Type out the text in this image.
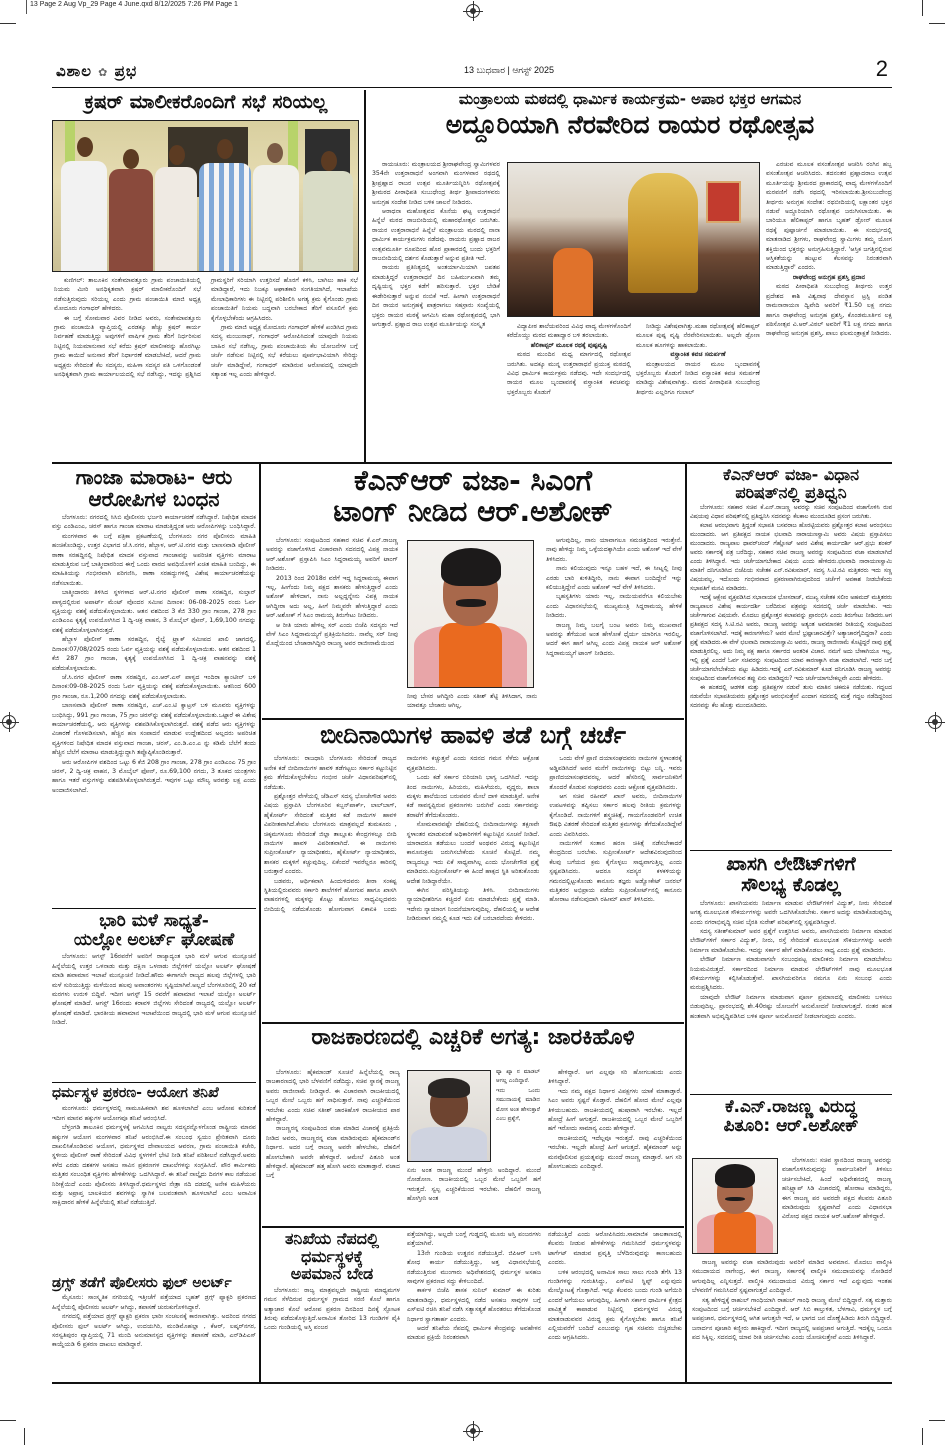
13 Page 2 Aug Vp_29 Page 4 June.qxd 8/12/2025 7:26 PM Page 1
ವಿಶಾಲ ✿ ಪ್ರಭ	13 ಬುಧವಾರ | ಆಗಸ್ಟ್ 2025	2
ಕ್ರಷರ್ ಮಾಲೀಕರೊಂದಿಗೆ ಸಭೆ ಸರಿಯಲ್ಲ

ಕುಣಿಗಲ್: ತಾಲೂಕಿನ ಸಂತೇಮಾವತ್ತೂರು ಗ್ರಾಮ ಪಂಚಾಯಿತಿಯಲ್ಲಿ ನಿಯಮ ಮೀರಿ ಅನಧಿಕೃತವಾಗಿ ಕ್ರಷರ್ ಮಾಲೀಕರೊಂದಿಗೆ ಸಭೆ ನಡೆಸುತ್ತಿರುವುದು ಸರಿಯಲ್ಲ ಎಂದು ಗ್ರಾಮ ಪಂಚಾಯಿತಿ ಮಾಜಿ ಅಧ್ಯಕ್ಷ ಮೋದೂರು ಗಂಗಾಧರ್ ಹೇಳಿದರು.

ಈ ಬಗ್ಗೆ ಸೋಮವಾರ ವಿವರ ನೀಡಿದ ಅವರು, ಸಂತೇಮಾವತ್ತೂರು ಗ್ರಾಮ ಪಂಚಾಯಿತಿ ವ್ಯಾಪ್ತಿಯಲ್ಲಿ ಎರಡಕ್ಕೂ ಹೆಚ್ಚು ಕ್ರಷರ್ ಕಾರ್ಯ ನಿರ್ವಹಣೆ ಮಾಡುತ್ತಿದ್ದು ಅವುಗಳಿಗೆ ವಾರ್ಷಿಕ ಗ್ರಾಮ ತೆರಿಗೆ ನಿರ್ಧರಿಸುವ ನಿಟ್ಟಿನಲ್ಲಿ ನಿಯಮಾನುಸಾರ ಸಭೆ ಕರೆದು ಕ್ರಷರ್ ಮಾಲೀಕರನ್ನು ಹೊರಗಿಟ್ಟು ಗ್ರಾಮ ಕಾಯಿದೆ ಅನುಸಾರ ತೆರಿಗೆ ನಿರ್ಧಾರಣೆ ಮಾಡಬೇಕಿದೆ, ಆದರೆ ಗ್ರಾಮ ಅಧ್ಯಕ್ಷರು ಸೇರಿದಂತೆ ಕೆಲ ಸದಸ್ಯರು, ಮಹಿಳಾ ಸದಸ್ಯರ ಪತಿ ಒಳಗೊಂಡಂತೆ ಅನಧಿಕೃತವಾಗಿ ಗ್ರಾಮ ಕಾರ್ಯಾಲಯದಲ್ಲಿ ಸಭೆ ನಡೆಸಿದ್ದು, ಇದನ್ನು ಪ್ರಶ್ನಿಸಿದ ಗ್ರಾಮಸ್ಥರಿಗೆ ಸರಿಯಾಗಿ ಉತ್ತರಿಸದೆ ಹೊರಗೆ ಕಳಿಸಿ, ಬಾಗಿಲು ಹಾಕಿ ಸಭೆ ಮಾಡಿದ್ದಾರೆ, ಇದು ನಿಜಕ್ಕೂ ಆಘಾತಕಾರಿ ಸಂಗತಿಯಾಗಿದೆ, ಇಲಾಖೆಯ ಮೇಲಾಧಿಕಾರಿಗಳು ಈ ನಿಟ್ಟಿನಲ್ಲಿ ಪರಿಶೀಲಿಸಿ ಅಗತ್ಯ ಕ್ರಮ ಕೈಗೊಂಡು ಗ್ರಾಮ ಪಂಚಾಯಿತಿಗೆ ನಿಯಮ ಬದ್ಧವಾಗಿ ಬರಬೇಕಾದ ತೆರಿಗೆ ವಸೂಲಿಗೆ ಕ್ರಮ ಕೈಗೊಳ್ಳಬೇಕೆಂದು ಆಗ್ರಹಿಸಿದರು.

ಗ್ರಾಮ ಮಾಜಿ ಅಧ್ಯಕ್ಷ ಮೋದೂರು ಗಂಗಾಧರ್ ಹೇಳಿಕೆ ಖಂಡಿಸಿದ ಗ್ರಾಮ ಸದಸ್ಯ ಮಂಜುನಾಥ್, ಗಂಗಾಧರ್ ಆರೋಪಿಸಿದಂತೆ ಯಾವುದೇ ನಿಯಮ ಬಾಹಿರ ಸಭೆ ನಡೆಸಿಲ್ಲ, ಗ್ರಾಮ ಪಂಚಾಯಿತಿಯ ಕೆಲ ಯೋಜನೆಗಳ ಬಗ್ಗೆ ಚರ್ಚೆ ನಡೆಸುವ ನಿಟ್ಟಿನಲ್ಲಿ ಸಭೆ ಕರೆಯಲು ಪೂರ್ವಭಾವಿಯಾಗಿ ಸೇರಿದ್ದು ಚರ್ಚೆ ಮಾಡಿದ್ದೇವೆ, ಗಂಗಾಧರ್ ಮಾಡಿರುವ ಆರೋಪದಲ್ಲಿ ಯಾವುದೇ ಸತ್ಯಾಂಶ ಇಲ್ಲ ಎಂದು ಹೇಳಿದ್ದಾರೆ.

ಮಂತ್ರಾಲಯ ಮಠದಲ್ಲಿ ಧಾರ್ಮಿಕ ಕಾರ್ಯಕ್ರಮ- ಅಪಾರ ಭಕ್ತರ ಆಗಮನ
ಅದ್ದೂರಿಯಾಗಿ ನೆರವೇರಿದ ರಾಯರ ರಥೋತ್ಸವ

ರಾಯಚೂರು: ಮಂತ್ರಾಲಯದ ಶ್ರೀರಾಘವೇಂದ್ರ ಸ್ವಾಮಿಗಳವರ 354ನೇ ಉತ್ತರಾರಾಧನೆ ಅಂಗವಾಗಿ ಮಂಗಳವಾರ ರಥದಲ್ಲಿ ಶ್ರೀಪ್ರಹ್ಲಾದ ರಾಜರ ಉತ್ಸವ ಮೂರ್ತಿಯನ್ನಿರಿಸಿ ರಥೋತ್ಸವಕ್ಕೆ ಶ್ರೀಮಠದ ಪೀಠಾಧಿಪತಿ ಸುಬುಧೇಂದ್ರ ತೀರ್ಥ ಶ್ರೀಪಾದಂಗಳವರು ಅನುಗ್ರಹ ಸಂದೇಶ ನೀಡಿದ ಬಳಿಕ ಚಾಲನೆ ನೀಡಿದರು.

ಆರಾಧನಾ ಮಹೋತ್ಸವದ ಕೊನೆಯ ಘಟ್ಟ ಉತ್ತರಾಧನೆ ಹಿನ್ನೆಲೆ ಮಠದ ರಾಜಬೀದಿಯಲ್ಲಿ ಮಹಾರಥೋತ್ಸವ ಜರುಗಿತು. ರಾಯರ ಉತ್ತರಾರಾಧನೆ ಹಿನ್ನೆಲೆ ಮಂತ್ರಾಲಯ ಮಠದಲ್ಲಿ ನಾನಾ ಧಾರ್ಮಿಕ ಕಾರ್ಯಕ್ರಮಗಳು ನಡೆದವು. ರಾಯರು ಪ್ರಹ್ಲಾದ ರಾಜರ ಉತ್ಸವಮೂರ್ತಿ ರೂಪದಿಂದ ಹೊರ ಪ್ರಾಕಾರದಲ್ಲಿ ಬಂದು ಭಕ್ತರಿಗೆ ರಾಜಬೀದಿಯಲ್ಲಿ ದರ್ಶನ ಕೊಡುತ್ತಾರೆ ಅನ್ನುವ ಪ್ರತೀತಿ ಇದೆ.

ರಾಯರು ಪ್ರತಿನಿತ್ಯದಲ್ಲಿ ಅಂತರ್ಯಾಮಿಯಾಗಿ ಜಪತಪ ಮಾಡುತ್ತಿದ್ದರೆ ಉತ್ತರಾರಾಧನೆ ದಿನ ಬಹಿರ್ಮುಖವಾಗಿ ತಮ್ಮ ದೃಷ್ಟಿಯನ್ನ ಭಕ್ತರ ಕಡೆಗೆ ಹರಿಸುತ್ತಾರೆ. ಭಕ್ತರ ಬೇಡಿಕೆ ಈಡೇರಿಸುತ್ತಾರೆ ಅನ್ನುವ ನಂಬಿಕೆ ಇದೆ. ಹೀಗಾಗಿ ಉತ್ತರಾರಾಧನೆ ದಿನ ರಾಯರ ಅನುಗ್ರಹಕ್ಕೆ ಪಾತ್ರರಾಗಲು ಸಹಸ್ರಾರು ಸಂಖ್ಯೆಯಲ್ಲಿ ಭಕ್ತರು ರಾಯರ ಮಠಕ್ಕೆ ಆಗಮಿಸಿ ಮಹಾ ರಥೋತ್ಸವದಲ್ಲಿ ಭಾಗಿ ಆಗುತ್ತಾರೆ. ಪ್ರಹ್ಲಾದ ರಾಜ ಉತ್ಸವ ಮೂರ್ತಿಯನ್ನು ಸಂಸ್ಕೃತ	ವಿದ್ಯಾಪೀಠ ಶಾಲೆಯವರಿಂದ ವಿವಿಧ ವಾದ್ಯ ಮೇಳಗಳೊಂದಿಗೆ ಕರೆದೊಯ್ದು ಮಠದ ಮಹಾದ್ವಾರ ಬಳಿ ತರಲಾಯಿತು.

ಹೆಲಿಕಾಪ್ಟರ್ ಮೂಲಕ ರಥಕ್ಕೆ ಪುಷ್ಪವೃಷ್ಟಿ

ಮಠದ ಮುಂದಿನ ಮಧ್ವ ಮಾರ್ಗದಲ್ಲಿ ರಥೋತ್ಸವ ಜರುಗಿತು. ಅದಕ್ಕೂ ಮುನ್ನ ಉತ್ತರಾರಾಧನೆ ಪ್ರಯುಕ್ತ ಮಠದಲ್ಲಿ ವಿವಿಧ ಧಾರ್ಮಿಕ ಕಾರ್ಯಕ್ರಮ ನಡೆದವು. ಇದೇ ಸಂದರ್ಭದಲ್ಲಿ ರಾಯರ ಮೂಲ ಬೃಂದಾವನಕ್ಕೆ ವಸ್ತ್ರಾಂಕಿತ ಕವಚವನ್ನು ಭಕ್ತರೊಬ್ಬರು ಕೊಡುಗೆ

ನೀಡಿದ್ದು ವಿಶೇಷವಾಗಿತ್ತು.ಮಹಾ ರಥೋತ್ಸವಕ್ಕೆ ಹೆಲಿಕಾಪ್ಟರ್ ಮೂಲಕ ಪುಷ್ಪ ವೃಷ್ಟಿ ನೆರವೇರಿಸಲಾಯಿತು. ಅಲ್ಲದೇ ಡ್ರೋಣ ಮೂಲಕ ಹೂಗಳನ್ನು ಹಾಕಲಾಯಿತು.

ವಸ್ತ್ರಾಂಕಿತ ಕವಚ ಸಮರ್ಪಣೆ

ಮಂತ್ರಾಲಯದ ರಾಯರ ಮೂಲ ಬೃಂದಾವನಕ್ಕೆ ಭಕ್ತರೊಬ್ಬರು ಕೊಡುಗೆ ನೀಡಿದ ವಸ್ತ್ರಾಂಕಿತ ಕವಚ ಸಮರ್ಪಣೆ ಮಾಡಿದ್ದು ವಿಶೇಷವಾಗಿತ್ತು. ಮಠದ ಪೀಠಾಧಿಪತಿ ಸುಬುಧೇಂದ್ರ ತೀರ್ಥರು ಎಲ್ಲರಿಗೂ ಗುಲಾಲ್

ಎರಚುವ ಮೂಲಕ ವಸಂತೋತ್ಸವ ಆಚರಿಸಿ ರಂಗಿನ ಹಬ್ಬ ವಸಂತೋತ್ಸವ ಆಚರಿಸಿದರು. ತದನಂತರ ಪ್ರಹ್ಲಾದರಾಜ ಉತ್ಸವ ಮೂರ್ತಿಯನ್ನು ಶ್ರೀಮಠದ ಪ್ರಾಕಾರದಲ್ಲಿ ವಾದ್ಯ ಮೇಳಗಳೊಂದಿಗೆ ಮರವಣಿಗೆ ನಡೆಸಿ ರಥದಲ್ಲಿ ಇರಿಸಲಾಯಿತು.ಶ್ರೀಸುಬುದೇಂದ್ರ ತೀರ್ಥರು ಅನುಗ್ರಹ ಸಂದೇಶ: ರಥಬೀದಿಯಲ್ಲಿ ಲಕ್ಷಾಂತರ ಭಕ್ತರ ನಡುವೆ ಅದ್ದೂರಿಯಾಗಿ ರಥೋತ್ಸವ ಜರುಗಿಸಲಾಯಿತು. ಈ ಬಾರಿಯೂ ಹೆಲಿಕಾಪ್ಟರ್ ಹಾಗೂ ಬೃಹತ್ ಡ್ರೋನ್ ಮೂಲಕ ರಥಕ್ಕೆ ಪುಷ್ಪಾರ್ಚನೆ ಮಾಡಲಾಯಿತು. ಈ ಸಂದರ್ಭದಲ್ಲಿ ಮಾತನಾಡಿದ ಶ್ರೀಗಳು, ರಾಘವೇಂದ್ರ ಸ್ವಾಮಿಗಳು ತಮ್ಮ ಯೋಗ ಶಕ್ತಿಯಿಂದ ಭಕ್ತರನ್ನು ಅನುಗ್ರಹಿಸುತ್ತಿದ್ದಾರೆ. 'ಆಸ್ತಿಕ ಜಗತ್ತಿನಲ್ಲಿರುವ ಆಸ್ತಿಕತೆಯನ್ನು ಹುಟ್ಟುವ ಕೆಲಸವನ್ನು ನಿರಂತರವಾಗಿ ಮಾಡುತ್ತಿದ್ದಾರೆ' ಎಂದರು.

ರಾಘವೇಂದ್ರ ಅನುಗ್ರಹ ಪ್ರಶಸ್ತಿ ಪ್ರದಾನ

ಮಠದ ಪೀಠಾಧಿಪತಿ ಸುಬುಧೇಂದ್ರ ತೀರ್ಥರು ಉತ್ತರ ಪ್ರದೇಶದ ಕಾಶಿ ವಿಶ್ವನಾಥ ದೇವಸ್ಥಾನ ಟ್ರಸ್ಟಿ ಪಂಡಿತ ರಾಮನಾರಾಯಣ ದ್ವಿವೇದಿ ಅವರಿಗೆ ₹1.50 ಲಕ್ಷ ನಗದು ಹಾಗೂ ರಾಘವೇಂದ್ರ ಅನುಗ್ರಹ ಪ್ರಶಸ್ತಿ, ಕೊಂಡಮೂರ್ತಿನ ಲಕ್ಷ ಪಠಿಸೋತ್ಸವ ವಿ.ಆರ್.ವಿಠಲ್ ಅವರಿಗೆ ₹1 ಲಕ್ಷ ನಗದು ಹಾಗೂ ರಾಘವೇಂದ್ರ ಅನುಗ್ರಹ ಪ್ರಶಸ್ತಿ, ಪಾಲು ಫಲಮಂತ್ರಾಕ್ಷತೆ ನೀಡಿದರು.

ಗಾಂಜಾ ಮಾರಾಟ- ಆರು
ಆರೋಪಿಗಳ ಬಂಧನ

ಬೆಂಗಳೂರು: ನಗರದಲ್ಲಿ ಸಿಸಿಬಿ ಪೊಲೀಸರು ಭರ್ಜರಿ ಕಾರ್ಯಾಚರಣೆ ನಡೆಸಿದ್ದಾರೆ. ನಿಷೇಧಿತ ಮಾದಕ ವಸ್ತು ಎಂಡಿಎಂಎ, ಚರಸ್ ಹಾಗೂ ಗಾಂಜಾ ಮಾರಾಟ ಮಾಡುತ್ತಿದ್ದಂತ ಆರು ಆರೋಪಿಗಳನ್ನು ಬಂಧಿಸಿದ್ದಾರೆ.

ಮಂಗಳವಾರ ಈ ಬಗ್ಗೆ ಪತ್ರಿಕಾ ಪ್ರಕಟಣೆಯಲ್ಲಿ ಬೆಂಗಳೂರು ನಗರ ಪೊಲೀಸರು ಮಾಹಿತಿ ಹಂಚಿಕೊಂಡಿದ್ದು, ಉತ್ತರ ವಿಭಾಗದ ಜೆ.ಸಿ.ನಗರ, ಹೆಬ್ಬಾಳ, ಆರ್.ಟಿ.ನಗರ ಮತ್ತು ಬಾಣಸವಾಡಿ ಪೊಲೀಸ್ ಠಾಣಾ ಸರಹದ್ದಿನಲ್ಲಿ ನಿಷೇಧಿತ ಮಾದಕ ವಸ್ತುವಾದ ಗಾಂಜಾವನ್ನು ಅಪರಿಚಿತ ವ್ಯಕ್ತಿಗಳು ಮಾರಾಟ ಮಾಡುತ್ತಿರುವ ಬಗ್ಗೆ ಬಾತ್ಮೀದಾರರಿಂದ ಈಗ್ಗೆ ಒಂದು ವಾರದ ಅವಧಿಯೊಳಗೆ ಖಚಿತ ಮಾಹಿತಿ ಬಂದಿದ್ದು, ಈ ಮಾಹಿತಿಯನ್ನು ಗಂಭೀರವಾಗಿ ಪರಿಗಣಿಸಿ, ಠಾಣಾ ಸರಹದ್ದುಗಳಲ್ಲಿ ವಿಶೇಷ ಕಾರ್ಯಾಚರಣೆಯನ್ನು ನಡೆಸಲಾಯಿತು.

ಬಾತ್ಮೀದಾರರು ತಿಳಿಸಿದ ಸ್ಥಳಗಳಾದ ಆರ್.ಟಿ.ನಗರ ಪೊಲೀಸ್ ಠಾಣಾ ಸರಹದ್ದಿನ, ಸುಲ್ತಾನ್ ಪಾಳ್ಯದಲ್ಲಿರುವ ಅಪಾರ್ಟ್ ಮೆಂಟ್ ವೊಂದರ ಸಮೀಪ ದಿನಾಂಕ: 06-08-2025 ರಂದು ಓರ್ವ ವ್ಯಕ್ತಿಯನ್ನು ವಶಕ್ಕೆ ಪಡೆದುಕೊಳ್ಳಲಾಯಿತು. ಆತನ ವಶದಿಂದ 3 ಕೆಜಿ 330 ಗ್ರಾಂ ಗಾಂಜಾ, 278 ಗ್ರಾಂ ಎಂಡಿಎಂಎ ಕೃತ್ಯಕ್ಕೆ ಉಪಯೋಗಿಸಿದ 1 ದ್ವಿ-ಚಕ್ರ ವಾಹನ, 3 ಮೊಬೈಲ್ ಫೋನ್, 1,69,100 ನಗದನ್ನು ವಶಕ್ಕೆ ಪಡೆದುಕೊಳ್ಳಲಾಗಿರುತ್ತದೆ.

ಹೆಬ್ಬಾಳ ಪೊಲೀಸ್ ಠಾಣಾ ಸರಹದ್ದಿನ, ರೈಲ್ವೆ ಟ್ರ್ಯಾಕ್ ಸಮೀಪದ ಖಾಲಿ ಜಾಗದಲ್ಲಿ, ದಿನಾಂಕ:07/08/2025 ರಂದು ಓರ್ವ ವ್ಯಕ್ತಿಯನ್ನು ವಶಕ್ಕೆ ಪಡೆದುಕೊಳ್ಳಲಾಯಿತು. ಆತನ ವಶದಿಂದ 1 ಕೆಜಿ 287 ಗ್ರಾಂ ಗಾಂಜಾ, ಕೃತ್ಯಕ್ಕೆ ಉಪಯೋಗಿಸಿದ 1 ದ್ವಿ-ಚಕ್ರ ವಾಹನವನ್ನು ವಶಕ್ಕೆ ಪಡೆದುಕೊಳ್ಳಲಾಯಿತು.

ಜೆ.ಸಿ.ನಗರ ಪೊಲೀಸ್ ಠಾಣಾ ಸರಹದ್ದಿನ, ಎಂ.ಆರ್.ಎಸ್ ಪಾಳ್ಯದ ಇಂದಿರಾ ಕ್ಯಾಂಟೀನ್ ಬಳಿ ದಿನಾಂಕ:09-08-2025 ರಂದು ಓರ್ವ ವ್ಯಕ್ತಿಯನ್ನು ವಶಕ್ಕೆ ಪಡೆದುಕೊಳ್ಳಲಾಯಿತು. ಆತನಿಂದ 600 ಗ್ರಾಂ ಗಾಂಜಾ, ರೂ.1,200 ನಗದನ್ನು ವಶಕ್ಕೆ ಪಡೆದುಕೊಳ್ಳಲಾಯಿತು.

ಬಾಣಸವಾಡಿ ಪೊಲೀಸ್ ಠಾಣಾ ಸರಹದ್ದಿನ, ಎಚ್.ಎಂ.ಟಿ ಕ್ವಾಟ್ರಸ್ ಬಳಿ ಮೂವರು ವ್ಯಕ್ತಿಗಳನ್ನು ಬಂಧಿಸಿದ್ದು, 991 ಗ್ರಾಂ ಗಾಂಜಾ, 75 ಗ್ರಾಂ ಚರಸ್‌ನ್ನು ವಶಕ್ಕೆ ಪಡೆದುಕೊಳ್ಳಲಾಯಿತು.ಒಟ್ಟಾರೆ ಈ ವಿಶೇಷ ಕಾರ್ಯಾಚರಣೆಯಲ್ಲಿ, ಆರು ವ್ಯಕ್ತಿಗಳನ್ನು ವಶಪಡಿಸಿಕೊಳ್ಳಲಾಗಿರುತ್ತದೆ. ವಶಕ್ಕೆ ಪಡೆದ ಆರು ವ್ಯಕ್ತಿಗಳನ್ನು ವಿಚಾರಣೆ ಗೊಳಪಡಿಸಲಾಗಿ, ಹೆಚ್ಚಿನ ಹಣ ಸಂಪಾದನೆ ಮಾಡುವ ಉದ್ದೇಶದಿಂದ ಅಲ್ಲದರು ಅಪರಿಚಿತ ವ್ಯಕ್ತಿಗಳಿಂದ ನಿಷೇಧಿತ ಮಾದಕ ವಸ್ತುವಾದ ಗಾಂಜಾ, ಚರಸ್, ಎಂ.ಡಿ.ಎಂ.ಎ ನ್ನು ಕಡಿಮೆ ಬೆಲೆಗೆ ತಂದು ಹೆಚ್ಚಿನ ಬೆಲೆಗೆ ಮಾರಾಟ ಮಾಡುತ್ತಿದ್ದುದ್ದಾಗಿ ತಪ್ಪೊಪ್ಪಿಕೊಂಡಿರುತ್ತಾರೆ.

ಆರು ಆರೋಪಿಗಳ ವಶದಿಂದ ಒಟ್ಟು 6 ಕೆಜಿ 208 ಗ್ರಾಂ ಗಾಂಜಾ, 278 ಗ್ರಾಂ ಎಂಡಿಎಂಎ 75 ಗ್ರಾಂ ಚರಸ್, 2 ದ್ವಿ-ಚಕ್ರ ವಾಹನ, 3 ಮೊಬೈಲ್ ಫೋನ್, ರೂ.69,100 ನಗದು, 3 ತೂಕದ ಯಂತ್ರಗಳು ಹಾಗೂ ಇತರೆ ವಸ್ತುಗಳನ್ನು ವಶಪಡಿಸಿಕೊಳ್ಳಲಾಗಿರುತ್ತದೆ. ಇವುಗಳ ಒಟ್ಟು ಮೌಲ್ಯ ಅರವತ್ತು ಲಕ್ಷ ಎಂದು ಅಂದಾಜಿಸಲಾಗಿದೆ.

ಭಾರಿ ಮಳೆ ಸಾಧ್ಯತೆ-
ಯಲ್ಲೋ ಅಲರ್ಟ್ ಘೋಷಣೆ

ಬೆಂಗಳೂರು: ಆಗಸ್ಟ್ 16ರವರೆಗೆ ಅವರಿಗೆ ರಾಜ್ಯಾದ್ಯಂತ ಭಾರಿ ಮಳೆ ಆಗುವ ಮುನ್ಸೂಚನೆ ಹಿನ್ನೆಲೆಯಲ್ಲಿ ಉತ್ತರ ಒಳನಾಡು ಮತ್ತು ದಕ್ಷಿಣ ಒಳನಾಡು ಜಿಲ್ಲೆಗಳಿಗೆ ಯಲ್ಲೋ ಅಲರ್ಟ್ ಘೋಷಣೆ ಮಾಡಿ ಹವಾಮಾನ ಇಲಾಖೆ ಮುನ್ಸೂಚನೆ ನೀಡಿದೆ.ಹೌದು ಈಗಾಗಲೇ ರಾಜ್ಯದ ಹಲವು ಜಿಲ್ಲೆಗಳಲ್ಲಿ ಭಾರಿ ಮಳೆ ಸುರಿಯುತ್ತಿದ್ದು ಮಳೆಯಿಂದ ಹಲವು ಅವಾಂತರಗಳು ಸೃಷ್ಟಿಯಾಗಿವೆ.ಅಲ್ಲದೆ ಬೆಂಗಳೂರಿನಲ್ಲಿ 20 ಕಡೆ ಮರಗಳು ಉರುಳಿ ಬಿದ್ದಿವೆ. ಇದೀಗ ಆಗಸ್ಟ್ 15 ರವರೆಗೆ ಹವಾಮಾನ ಇಲಾಖೆ ಯಲ್ಲೋ ಅಲರ್ಟ್ ಘೋಷಣೆ ಮಾಡಿದೆ. ಆಗಸ್ಟ್ 16ರಂದು ಕರಾವಳಿ ಜಿಲ್ಲೆಗಳು ಸೇರಿದಂತೆ ರಾಜ್ಯದಲ್ಲಿ ಯಲ್ಲೋ ಅಲರ್ಟ್ ಘೋಷಣೆ ಮಾಡಿದೆ. ಭಾರತೀಯ ಹವಾಮಾನ ಇಲಾಖೆಯಿಂದ ರಾಜ್ಯದಲ್ಲಿ ಭಾರಿ ಮಳೆ ಆಗುವ ಮುನ್ಸೂಚನೆ ನೀಡಿದೆ.

ಧರ್ಮಸ್ಥಳ ಪ್ರಕರಣ- ಆಯೋಗ ತನಿಖೆ

ಮಂಗಳೂರು: ಧರ್ಮಸ್ಥಳದಲ್ಲಿ ಸಾಮೂಹಿಕವಾಗಿ ಶವ ಹೂಳಲಾಗಿದೆ ಎಂಬ ಆರೋಪ ಕುರಿತಂತೆ ಇದೀಗ ಮಾನವ ಹಕ್ಕುಗಳ ಆಯೋಗವೂ ತನಿಖೆ ಆರಂಭಿಸಿದೆ.

ಬೆಳ್ತಂಗಡಿ ತಾಲೂಕಿನ ಧರ್ಮಸ್ಥಳಕ್ಕೆ ಆಗಮಿಸಿದ ನಾಲ್ವರು ಸದಸ್ಯರನ್ನೊಳಗೊಂಡ ರಾಷ್ಟ್ರೀಯ ಮಾನವ ಹಕ್ಕುಗಳ ಆಯೋಗ ಮಂಗಳವಾರ ತನಿಖೆ ಆರಂಭಿಸಿದೆ.ಈ ಸಂಬಂಧ ಸ್ವಯಂ ಪ್ರೇರಿತವಾಗಿ ದೂರು ದಾಖಲಿಸಿಕೊಂಡಿರುವ ಆಯೋಗ, ಧರ್ಮಸ್ಥಳದ ದೇವಾಲಯದ ಆವರಣ, ಗ್ರಾಮ ಪಂಚಾಯಿತಿ ಕಚೇರಿ, ಸ್ಥಳೀಯ ಪೊಲೀಸ್ ಠಾಣೆ ಸೇರಿದಂತೆ ವಿವಿಧ ಸ್ಥಳಗಳಿಗೆ ಭೇಟಿ ನೀಡಿ ತನಿಖೆ ಪರಿಶೀಲನೆ ನಡೆಸಿದ್ದಾರೆ.ಅವರು ಕಳೆದ ಎರಡು ದಶಕಗಳ ಅಸಹಜ ಸಾವಿನ ಪ್ರಕರಣಗಳ ದಾಖಲೆಗಳನ್ನು ಸಂಗ್ರಹಿಸಿದೆ. ಪೌರ ಕಾರ್ಮಿಕರು ಮತ್ತಿತರ ಸಂಬಂಧಿತ ವ್ಯಕ್ತಿಗಳು ಹೇಳಿಕೆಗಳನ್ನು ಒದಗಿಸಿದ್ದಾರೆ. ಈ ತನಿಖೆ ನಾಲ್ಕೈದು ದಿನಗಳ ಕಾಲ ನಡೆಯುವ ನಿರೀಕ್ಷೆಯಿದೆ ಎಂದು ಪೊಲೀಸರು ತಿಳಿಸಿದ್ದಾರೆ.ಧರ್ಮಸ್ಥಳದ ನೇತ್ರಾ ನದಿ ದಡದಲ್ಲಿ ಅನೇಕ ಮಹಿಳೆಯರು ಮತ್ತು ಅಪ್ರಾಪ್ತ ಬಾಲಕಿಯರ ಶವಗಳನ್ನು ಸ್ವಾಗಿಕ ಬಲವಂತವಾಗಿ ಹೂಳಲಾಗಿದೆ ಎಂಬ ಅನಾಮಿಕ ಸಾಕ್ಷಿದಾರನ ಹೇಳಿಕೆ ಹಿನ್ನೆಲೆಯಲ್ಲಿ ತನಿಖೆ ನಡೆಯುತ್ತಿದೆ.

ಡ್ರಗ್ಸ್ ತಡೆಗೆ ಪೊಲೀಸರು ಫುಲ್ ಅಲರ್ಟ್

ಮೈಸೂರು: ಸಾಂಸ್ಕೃತಿಕ ನಗರಿಯಲ್ಲಿ ಇತ್ತೀಚೆಗೆ ಪತ್ತೆಯಾದ ಬೃಹತ್ ಡ್ರಗ್ಸ್ ಫ್ಯಾಕ್ಟರಿ ಪ್ರಕರಣದ ಹಿನ್ನೆಲೆಯಲ್ಲಿ ಪೊಲೀಸರು ಅಲರ್ಟ್ ಆಗಿದ್ದು, ತಪಾಸಣೆ ಚುರುಕುಗೊಳಿಸಿದ್ದಾರೆ.

ನಗರದಲ್ಲಿ ಪತ್ತೆಯಾದ ಡ್ರಗ್ಸ್ ಫ್ಯಾಕ್ಟರಿ ಪ್ರಕರಣ ಭಾರೀ ಸಂಚಲನಕ್ಕೆ ಕಾರಣವಾಗಿತ್ತು. ಅದರಿಂದ ನಗರದ ಪೊಲೀಸರು ಫುಲ್ ಅಲರ್ಟ್ ಆಗಿದ್ದು, ಉದಯಗಿರಿ, ಮಂಡಿಮೊಹಲ್ಲಾ , ಕೆಆರ್, ಲಷ್ಕರ್‌ನಗರ, ಸರಸ್ವತಿಪುರಂ ವ್ಯಾಪ್ತಿಯಲ್ಲಿ 71 ಮಂದಿ ಅನುಮಾನಸ್ಪದ ವ್ಯಕ್ತಿಗಳನ್ನು ತಪಾಸಣೆ ಮಾಡಿ, ಎನ್‌ಡಿಪಿಎಸ್ ಕಾಯ್ದೆಯಡಿ 6 ಪ್ರಕರಣ ದಾಖಲು ಮಾಡಿದ್ದಾರೆ.

ಕೆಎನ್‌ಆರ್ ವಜಾ- ಸಿಎಂಗೆ
ಟಾಂಗ್ ನೀಡಿದ ಆರ್.ಅಶೋಕ್

ಬೆಂಗಳೂರು: ಸಂಪುಟದಿಂದ ಸಹಕಾರ ಸಚಿವ ಕೆ.ಎನ್.ರಾಜಣ್ಣ ಅವರನ್ನು ವಜಾಗೊಳಿಸಿದ ವಿಚಾರವಾಗಿ ಸದನದಲ್ಲಿ ವಿಪಕ್ಷ ನಾಯಕ ಆರ್.ಅಶೋಕ್ ಪ್ರಸ್ತಾಪಿಸಿ ಸಿಎಂ ಸಿದ್ದರಾಮಯ್ಯ ಅವರಿಗೆ ಟಾಂಗ್ ನೀಡಿದರು.

2013 ರಿಂದ 2018ರ ವರೆಗೆ ಇದ್ದ ಸಿದ್ದರಾಮಯ್ಯ ಈವಾಗ ಇಲ್ಲ, ಹೀಗೆಂದು ನಿಮ್ಮ ಪಕ್ಷದ ಶಾಸಕರು ಹೇಳುತ್ತಿದ್ದಾರೆ ಎಂದು ಅಶೋಕ್ ಹೇಳಿದಾಗ, ನಾನು ಅಲ್ಲದ್ದನ್ನೇನು ವಿಪಕ್ಷ ನಾಯಕ ಆಗಿದ್ದೀರಾ ಅದು ಅಲ್ಲ, ಹೀಗೆ ನಿಮ್ಮವರೇ ಹೇಳುತ್ತಿದ್ದಾರೆ ಎಂದು ಆರ್.ಅಶೋಕ್ ಗೆ ಸಿಎಂ ರಾಮಯ್ಯ ತಿರುಗೇಟು ನೀಡಿದರು.

ಆ ರೀತಿ ಯಾರು ಹೇಳಿಲ್ಲ ಸರ್ ಎಂದು ಬಿಜೆಪಿ ಸದಸ್ಯರು ಇದೆ ವೇಳೆ ಸಿಎಂ ಸಿದ್ದರಾಮಯ್ಯಗೆ ಪ್ರತಿಕ್ರಿಯಿಸಿದರು. ನಾವೆಲ್ಲ ಸರ್ ನೀವು ಮೊದ್ಲೆಯಿಂದ ಬೇಜಾರಾಗಿದ್ದೀರಿ ರಾಜಣ್ಣ ಅವರ ರಾಜೀನಾಮೆಯಿಂದ

ನೀವು ಬೇಸರ ಆಗಿದ್ದೀರಿ ಎಂದು ಸತೀಶ್ ಶೆಟ್ಟಿ ತಿಳಿಸಿದಾಗ, ನಾನು ಯಾವತ್ತೂ ಬೇಜಾರು ಆಗಿಲ್ಲ,

ಆಗುವುದಿಲ್ಲ, ನಾನು ಯಾವಾಗಲೂ ಸಮಚಿತ್ತದಿಂದ ಇರುತ್ತೇನೆ. ನಾವು ಹೇಳಿದ್ದು ನಿಮ್ಮ ಒಳ್ಳೆಯದಕ್ಕಾಗಿಯೇ ಎಂದು ಅಶೋಕ್ ಇದೆ ವೇಳೆ ತಿಳಿಸಿದರು.

ನಾನು ಕಲಿಯುವುದು ಇನ್ನೂ ಬಹಳ ಇದೆ, ಈ ಸೀಟ್ನಲ್ಲಿ ನೀವು ಎರಡು ಬಾರಿ ಕುಳಿತಿದ್ದೀರಿ, ನಾನು ಈವಾಗ ಬಂದಿದ್ದೇನೆ ಇನ್ನು ಕಲಿಯುತ್ತಿದ್ದೇನೆ ಎಂದು ಅಶೋಕ್ ಇದೆ ವೇಳೆ ತಿಳಿಸಿದರು.

ಬೃಹಸ್ಪತಿಗಳು ಯಾರು ಇಲ್ಲ, ನಾಯಿಯವರೆಗೂ ಕಲಿಯಬೇಕು ಎಂದು ವಿಧಾನಸಭೆಯಲ್ಲಿ ಮುಖ್ಯಮಂತ್ರಿ ಸಿದ್ದರಾಮಯ್ಯ ಹೇಳಿಕೆ ನೀಡಿದರು.

ರಾಜಣ್ಣ ನಿಮ್ಮ ಬಲಗೈ ಬಂಟ ಅವರು ನಿಮ್ಮ ಮುಖವಾಣಿ ಅವರನ್ನು ತೆಗೆಯುವ ಅಂತ ಹೇಳೋಕೆ ಧೈರ್ಯ ಯಾರಿಗೂ ಇರಲಿಲ್ಲ, ಆದರೆ ಈಗ ಹಾಗೆ ಆಗಿಲ್ಲ ಎಂದು ವಿಪಕ್ಷ ನಾಯಕ ಆರ್ ಅಶೋಕ್ ಸಿದ್ದರಾಮಯ್ಯಗೆ ಟಾಂಗ್ ನೀಡಿದರು.

ಬೀದಿನಾಯಿಗಳ ಹಾವಳಿ ತಡೆ ಬಗ್ಗೆ ಚರ್ಚೆ

ಬೆಂಗಳೂರು: ರಾಜಧಾನಿ ಬೆಂಗಳೂರು ಸೇರಿದಂತೆ ರಾಜ್ಯದ ಅನೇಕ ಕಡೆ ಬೀದಿನಾಯಿಗಳ ಹಾವಳಿ ತಡೆಗಟ್ಟಲು ಸರ್ಕಾರ ಕಟ್ಟುನಿಟ್ಟಿನ ಕ್ರಮ ತೆಗೆದುಕೊಳ್ಳಬೇಕೆಂಬ ಗಂಭೀರ ಚರ್ಚೆ ವಿಧಾನಪರಿಷತ್‌ನಲ್ಲಿ ನಡೆಯಿತು.

ಪ್ರಶ್ನೋತ್ತರ ವೇಳೆಯಲ್ಲಿ ಜೆಡಿಎಸ್ ಸದಸ್ಯ ಭೋಜೇಗೌಡ ಅವರು ವಿಷಯ ಪ್ರಸ್ತಾಪಿಸಿ ಬೆಂಗಳೂರಿನ ಕಬ್ಬನ್‌ಪಾರ್ಕ್, ಲಾಲ್‌ಬಾಗ್, ಹೈಕೋರ್ಟ್ ಸೇರಿದಂತೆ ಮತ್ತಿತರ ಕಡೆ ನಾಯಿಗಳ ಹಾವಳಿ ವಿಪರೀತವಾಗಿದೆ.ಕೇವಲ ಬೆಂಗಳೂರು ಮಾತ್ರವಲ್ಲದೆ ತುಮಕೂರು , ಚಿಕ್ಕಮಗಳೂರು ಸೇರಿದಂತೆ ಜಿಲ್ಲಾ ತಾಲ್ಲೂಕು ಕೇಂದ್ರಗಳಲ್ಲೂ ಬೀದಿ ನಾಯಿಗಳ ಹಾವಳಿ ವಿಪರೀತವಾಗಿದೆ. ಈ ನಾಯಿಗಳು ಸುಪ್ರೀಂಕೋರ್ಟ್ ನ್ಯಾಯಾಧೀಶರು, ಹೈಕೋರ್ಟ್ ನ್ಯಾಯಾಧೀಶರು, ಶಾಸಕರ ಮಕ್ಕಳಿಗೆ ಕಚ್ಚುವುದಿಲ್ಲ. ಏಕೆಂದರೆ ಇವರೆಲ್ಲರೂ ಕಾರಿನಲ್ಲಿ ಬರುತ್ತಾರೆ ಎಂದರು.

ಬಡವರು, ಆರ್ಥಿಕವಾಗಿ ಹಿಂದುಳಿದವರು ತೀರಾ ಸಂಕಷ್ಟ ಸ್ಥಿತಿಯಲ್ಲಿರುವವರು ಸರ್ಕಾರಿ ಶಾಲೆಗಳಿಗೆ ಹೋಗುವ ಹಾಗೂ ಖಾಸಗಿ ವಾಹನಗಳಲ್ಲಿ ಮಕ್ಕಳನ್ನು ಕೊಟ್ಟು ಹೋಗಲು ಸಾಧ್ಯವಿಲ್ಲದವರು ಬೀದಿಯಲ್ಲಿ ನಡೆದುಕೊಂಡು ಹೋಗುವಾಗ ಏಕಾಏಕಿ ಬಂದು ನಾಯಿಗಳು ಕಚ್ಚುತ್ತವೆ ಎಂದು ಸದನದ ಗಮನ ಸೆಳೆದು ಆಕ್ರೋಶ ವ್ಯಕ್ತಪಡಿಸಿದರು.

ಒಂದು ಕಡೆ ಸರ್ಕಾರ ಬಿರಿಯಾನಿ ಭಾಗ್ಯ ಒದಗಿಸಿದೆ. ಇದನ್ನು ತಿಂದ ನಾಯಿಗಳು, ಹಿರಿಯರು, ಮಹಿಳೆಯರು, ವೃದ್ಧರು, ಶಾಲಾ ಮಕ್ಕಳು ಶಾಲೆಯಿಂದ ಬರುವವರ ಮೇಲೆ ದಾಳಿ ಮಾಡುತ್ತಿವೆ. ಅನೇಕ ಕಡೆ ಸಾವನ್ನಪ್ಪಿರುವ ಪ್ರಕರಣಗಳು ಜರುಗಿವೆ ಎಂದು ಸರ್ಕಾರವನ್ನು ತರಾಟೆಗೆ ತೆಗೆದುಕೊಂಡರು.

ಸೋಮವಾರವಷ್ಟೇ ದೆಹಲಿಯಲ್ಲಿ ಬೀದಿನಾಯಿಗಳನ್ನು ತಕ್ಷಣವೇ ಸ್ಥಳಾಂತರ ಮಾಡುವಂತೆ ಅಧಿಕಾರಿಗಳಿಗೆ ಕಟ್ಟುನಿಟ್ಟಿನ ಸೂಚನೆ ನೀಡಿದೆ. ಯಾರಾದರೂ ತಡೆಯಲು ಬಂದರೆ ಅಂಥವರ ವಿರುದ್ಧ ಕಟ್ಟುನಿಟ್ಟಿನ ಕಾನೂನುಕ್ರಮ ಜರುಗಿಸಬೇಕೆಂದು ಸೂಚನೆ ಕೊಟ್ಟಿದೆ. ನಮ್ಮ ರಾಜ್ಯದಲ್ಲೂ ಇದು ಏಕೆ ಸಾಧ್ಯವಾಗಿಲ್ಲ ಎಂದು ಭೋಜೇಗೌಡ ಪ್ರಶ್ನೆ ಮಾಡಿದರು.ಸುಪ್ರೀಂಕೋರ್ಟ್ ಈ ಹಿಂದೆ ಹಾಕ್ಸದ ಸ್ಥಿತಿ ಅರಿತುಕೊಂಡು ಆದೇಶ ನೀಡಿದ್ದಾರೆಯೇ.

ಈಗಿನ ಪರಿಸ್ಥಿತಿಯನ್ನು ತಿಳಿಸಿ. ಬೀದಿನಾಯಿಗಳು ನ್ಯಾಯಾಧೀಶರಿಗೂ ಕಚ್ಚಿದರೆ ಏನು ಮಾಡಬೇಕೆಂದು ಪ್ರಶ್ನೆ ಮಾಡಿ. ಇದೇನು ನ್ಯಾಯಾಂಗ ನಿಂದನೆಯಾಗುವುದಿಲ್ಲ. ದೆಹಲಿಯಲ್ಲಿ ಆ ಆದೇಶ ನೀಡಿರುವಾಗ ನಮ್ಮಲ್ಲಿ ಕೂಡ ಇದು ಏಕೆ ಬರಬಾರದೆಂದು ಕೇಳಿದರು.

ಒಂದು ವೇಳೆ ಪ್ರಾಣಿ ದಯಾಸಂಘದವರು ನಾಯಿಗಳ ಸ್ಥಳಾಂತರಕ್ಕೆ ಅಡ್ಡಿಪಡಿಸಿದರೆ ಅವರ ಮನೆಗೆ ನಾಯಿಗಳನ್ನು ಬಿಟ್ಟು ಬನ್ನಿ. ಇವರು ಪ್ರಾಣಿದಯಾಸಂಘದವರಲ್ಲ. ಆದರೆ ಹೆಸರಿನಲ್ಲಿ ಸಾರ್ವಜನಿಕರಿಗೆ ತೊಂದರೆ ಕೊಡುವ ಸಂಘದವರು ಎಂದು ಆಕ್ರೋಶ ವ್ಯಕ್ತಪಡಿಸಿದರು.

ಆಗ ಸಚಿವ ರಹೀಮ್ ಖಾನ್ ಅವರು, ಬೀದಿನಾಯಿಗಳ ಉಪಟಳವನ್ನು ತಪ್ಪಿಸಲು ಸರ್ಕಾರ ಹಲವು ರೀತಿಯ ಕ್ರಮಗಳನ್ನು ಕೈಗೊಂಡಿದೆ. ನಾಯಿಗಳಿಗೆ ಶಸ್ತ್ರಚಿಕಿತ್ಸೆ, ಗಾಯಗೊಂಡವರಿಗೆ ಉಚಿತ ಔಷಧಿ ವಿತರಣೆ ಸೇರಿದಂತೆ ಮತ್ತಿತರ ಕ್ರಮಗಳನ್ನು ತೆಗೆದುಕೊಂಡಿದ್ದೇವೆ ಎಂದು ವಿವರಿಸಿದರು.

ನಾಯಿಗಳಿಗೆ ಸಂತಾನ ಹರಣ ಚಿಕಿತ್ಸೆ ನಡೆಸಬೇಕಾದರೆ ಕೇಂದ್ರದಿಂದ ಬರಬೇಕು. ಸುಪ್ರೀಂಕೋರ್ಟ್ ಆದೇಶವಿರುವುದರಿಂದ ಕೆಲವು ಬಗೆಯದ ಕ್ರಮ ಕೈಗೊಳ್ಳಲು ಸಾಧ್ಯವಾಗುತ್ತಿಲ್ಲ ಎಂದು ಸ್ಪಷ್ಟಪಡಿಸಿದರು. ಆದರೂ ಸದಸ್ಯರ ಕಳಕಳಿಯನ್ನು ಗಮನದಲ್ಲಿಟ್ಟುಕೊಂಡು ಕಾನೂನು ತಜ್ಞರು ಅಡ್ವೋಕೇಟ್ ಜನರಲ್ ಮತ್ತಿತರರ ಅಭಿಪ್ರಾಯ ಪಡೆದು ಸುಪ್ರೀಂಕೋರ್ಟ್‌ನಲ್ಲಿ ಕಾನೂನು ಹೋರಾಟ ನಡೆಸುವುದಾಗಿ ರಹೀಮ್ ಖಾನ್ ತಿಳಿಸಿದರು.

ರಾಜಕಾರಣದಲ್ಲಿ ಎಚ್ಚರಿಕೆ ಅಗತ್ಯ: ಜಾರಕಿಹೊಳಿ

ಬೆಂಗಳೂರು: ಹೈಕಮಾಂಡ್ ಸೂಚನೆ ಹಿನ್ನೆಲೆಯಲ್ಲಿ ರಾಜ್ಯ ರಾಜಕಾರಣದಲ್ಲಿ ಭಾರಿ ಬೆಳವಣಿಗೆ ನಡೆದಿದ್ದು, ಸಚಿವ ಸ್ಥಾನಕ್ಕೆ ರಾಜಣ್ಣ ಅವರು ರಾಜೀನಾಮೆ ನೀಡಿದ್ದಾರೆ. ಈ ವಿಚಾರವಾಗಿ ರಾಜಕೀಯದಲ್ಲಿ ಒಬ್ಬರ ಮೇಲೆ ಒಬ್ಬರು ಹಗೆ ಸಾಧಿಸುತ್ತಾರೆ. ನಾವು ಎಚ್ಚರಿಕೆಯಿಂದ ಇರಬೇಕು ಎಂದು ಸಚಿವ ಸತೀಶ್ ಜಾರಕಿಹೊಳಿ ರಾಜಕೀಯದ ಪಾಠ ಹೇಳಿದ್ದಾರೆ.

ರಾಜಣ್ಣರನ್ನ ಸಂಪುಟದಿಂದ ವಜಾ ಮಾಡಿದ ವಿಚಾರಕ್ಕೆ ಪ್ರತಿಕ್ರಿಯೆ ನೀಡಿದ ಅವರು, ರಾಜಣ್ಣರನ್ನ ವಜಾ ಮಾಡಿರುವುದು ಹೈಕಮಾಂಡ್‌ನ ನಿರ್ಧಾರ. ಅದರ ಬಗ್ಗೆ ರಾಜಣ್ಣ ಅವರೇ ಹೇಳಬೇಕು, ದೆಹಲಿಗೆ ಹೋಗಬೇಕಾಗಿ ಅವರೇ ಹೇಳಿದ್ದಾರೆ. ಆಮೇಲೆ ಪಿತೂರಿ ಅಂತ ಹೇಳಿದ್ದಾರೆ. ಹೈಕಮಾಂಡ್ ಹತ್ತ ಹೋಗಿ ಅವರು ಮಾತಾಡ್ತಾರೆ. ವಜಾದ ಬಗ್ಗೆ

ವ್ಯಾ ಖ್ಯಾ ನ ಮಾಡಲ್ ಆಗಲ್ಲ ಎಂದಿದ್ದಾರೆ.

ಇದು ಒಂದು ಸಮುದಾಯಕ್ಕೆ ಮಾಡಿದ ಮೋಸ ಅಂತ ಹೇಳುತ್ತಾರೆ ಎಂಬ ಪ್ರಶ್ನೆಗೆ,

ಏನು ಅಂತ ರಾಜಣ್ಣ ಮುಂದೆ ಹೇಳ್ತೀನಿ ಅಂದಿದ್ದಾರೆ. ಮುಂದೆ ನೋಡೋಣ. ರಾಜಕೀಯದಲ್ಲಿ ಒಬ್ಬರ ಮೇಲೆ ಒಬ್ಬರಿಗೆ ಹಗೆ ಇರುತ್ತದೆ. ಸ್ವಲ್ಪ ಎಚ್ಚರಿಕೆಯಿಂದ ಇರಬೇಕು. ದೆಹಲಿಗೆ ರಾಜಣ್ಣ ಹೋಗ್ತೀನಿ ಅಂತ

ಹೇಳಿದ್ದಾರೆ. ಆಗ ಎಲ್ಲವೂ ಸರಿ ಹೋಗಬಹುದು ಎಂದು ತಿಳಿಸಿದ್ದಾರೆ.

ಇದು ನಮ್ಮ ಪಕ್ಷದ ನಿರ್ಧಾರ ವಿಪಕ್ಷಗಳು ಯಾಕೆ ಮಾತಾಡ್ತಾರೆ. ಸಿಎಂ ಅವರು ಸ್ಪಷ್ಟನೆ ಕೊಡ್ತಾರೆ. ದೆಹಲಿಗೆ ಹೋದ ಮೇಲೆ ಎಲ್ಲವೂ ತಿಳಿಯಬಹುದು. ರಾಜಕೀಯದಲ್ಲಿ ಹುಷಾರಾಗಿ ಇರಬೇಕು. ಇಲ್ಲದೆ ಹೋದ್ರೆ ಹೀಗೆ ಆಗುತ್ತದೆ. ರಾಜಕೀಯದಲ್ಲಿ ಒಬ್ಬರ ಮೇಲೆ ಒಬ್ಬರಿಗೆ ಹಗೆ ಇರೋದು ಸಾಮಾನ್ಯ ಎಂದು ಹೇಳಿದ್ದಾರೆ.

ರಾಜಕೀಯದಲ್ಲಿ ಇದೆಲ್ಲವೂ ಇರುತ್ತದೆ. ನಾವು ಎಚ್ಚರಿಕೆಯಿಂದ ಇರಬೇಕು. ಇಲ್ಲದೇ ಹೋದ್ರೆ ಹೀಗೆ ಆಗುತ್ತದೆ. ಹೈಕಮಾಂಡ್ ಅನ್ನು ಮನವೊಲಿಸುವ ಪ್ರಯತ್ನವನ್ನು ಮುಂದೆ ರಾಜಣ್ಣ ಮಾಡ್ತಾರೆ. ಆಗ ಸರಿ ಹೋಗಬಹುದು ಎಂದಿದ್ದಾರೆ.

ತನಿಖೆಯ ನೆಪದಲ್ಲಿ
ಧರ್ಮಸ್ಥಳಕ್ಕೆ
ಅಪಮಾನ ಬೇಡ

ಬೆಂಗಳೂರು: ರಾಜ್ಯ ಮಾತ್ರವಲ್ಲದೇ ರಾಷ್ಟ್ರೀಯ ಮಾಧ್ಯಮಗಳ ಗಮನ ಸೆಳೆದಿರುವ ಧರ್ಮಸ್ಥಳ ಗ್ರಾಮದ ಸರಣಿ ಕೊಲೆ ಹಾಗೂ ಅತ್ಯಾಚಾರ ಕೊಲೆ ಆರೋಪ ಪ್ರಕರಣ ದಿನದಿಂದ ದಿನಕ್ಕೆ ಸ್ಫೋಟಕ ತಿರುವು ಪಡೆದುಕೊಳ್ಳುತ್ತಿದೆ.ಅನಾಮಿಕ ತೋರಿದ 13 ಗುಂಡಿಗಳ ಪೈಕಿ ಒಂದು ಗುಂಡಿಯಲ್ಲಿ ಅಸ್ತಿ ಪಂಜರ

ಪತ್ತೆಯಾಗಿದ್ದು, ಅಲ್ಲದೇ ಬಂಗ್ಲೆ ಗುಡ್ಡದಲ್ಲಿ ಮೂರು ಅಸ್ತಿ ಪಂಜರಗಳು ಪತ್ತೆಯಾಗಿವೆ.

13ನೇ ಗುಂಡಿಯ ಉತ್ಖನನ ನಡೆಯುತ್ತಿದೆ. ಜಿಪಿಆರ್ ಬಳಸಿ ಶೋಧ ಕಾರ್ಯ ನಡೆಯುತ್ತಿದ್ದು, ಅತ್ತ ವಿಧಾನಸಭೆಯಲ್ಲಿ ನಡೆಯುತ್ತಿರುವ ಮುಂಗಾರು ಅಧಿವೇಶನದಲ್ಲಿ ಧರ್ಮಸ್ಥಳ ಅಸಹಜ ಸಾವುಗಳ ಪ್ರಕರಣದ ಸದ್ದು ಕೇಳಿಬಂದಿದೆ.

ಕಾರ್ಕಳ ಬಿಜೆಪಿ ಶಾಸಕ ಸುನಿಲ್ ಕುಮಾರ್ ಈ ಕುರಿತು ಮಾತನಾಡಿದ್ದು, ಧರ್ಮಸ್ಥಳದಲ್ಲಿ ನಡೆದ ಅಸಹಜ ಸಾವುಗಳ ಬಗ್ಗೆ ಎಸ್‌ಐಟಿ ರಚಿಸಿ ತನಿಖೆ ನಡೆಸಿ ಸತ್ಯಾಸತ್ಯತೆ ಹೊರತರಲು ತೆಗೆದುಕೊಂಡ ನಿರ್ಧಾರ ಸ್ವಾಗತಾರ್ಹ ಎಂದರು.

ಆದರೆ ತನಿಖೆಯ ನೆಪದಲ್ಲಿ ಧಾರ್ಮಿಕ ಕೇಂದ್ರವನ್ನು ಅವಹೇಳನ ಮಾಡುವ ಪ್ರಕ್ರಿಯೆ ನಿರಂತರವಾಗಿ

ನಡೆಯುತ್ತಿದೆ ಎಂದು ಆರೋಪಿಸಿದರು.ಸಾಮಾಜಿಕ ಜಾಲತಾಣದಲ್ಲಿ ಕೆಲವರು ನೀಡುವ ಹೇಳಿಕೆಗಳನ್ನು ಗಮನಿಸಿದರೆ ಧರ್ಮಸ್ಥಳವನ್ನು ಟಾರ್ಗೆಟ್ ಮಾಡುವ ಪ್ರವೃತ್ತಿ ಬೆಳೆದಿರುವುದನ್ನು ಕಾಣಬಹುದು ಎಂದರು.

ಬಳಿಕ ಆರಂಭದಲ್ಲಿ ಅನಾಮಿಕ ಸಾಲು ಸಾಲು ಗುಂಡಿ ತೆಗೆಸಿ 13 ಗುಂಡಿಗಳನ್ನು ಗುರುತಿಸಿದ್ದು, ಎಸ್‌ಐಟಿ ಸ್ಥಿಪ್ಟ್ ಎನ್ನುವುದು ಮೇಲ್ನೋಟಕ್ಕೆ ಗೊತ್ತಾಗಿದೆ. ಇನ್ನೂ ಕೆಲವರು ಬಂದು ಗುಂಡಿ ಅಗೆಯಿರಿ ಎಂದರೆ ಅಗೆಯಲು ಆಗುವುದಿಲ್ಲ. ಹೀಗಾಗಿ ಸರ್ಕಾರ ಧಾರ್ಮಿಕ ಕ್ಷೇತ್ರದ ಪಾವಿತ್ರ್ಯತೆ ಕಾಪಾಡುವ ನಿಟ್ಟಿನಲ್ಲಿ ಧರ್ಮಸ್ಥಳದ ವಿರುದ್ಧ ಮಾತನಾಡುವವರ ವಿರುದ್ಧ ಕ್ರಮ ಕೈಗೊಳ್ಳಬೇಕು ಹಾಗೂ ತನಿಖೆ ಎಲ್ಲಿಯವರೆಗೆ ಬಂದಿದೆ ಎಂಬುದನ್ನು ಗೃಹ ಸಚಿವರು ಬಿಚ್ಚಿಡಬೇಕು ಎಂದು ಆಗ್ರಹಿಸಿದರು.

ಕೆಎನ್‌ಆರ್ ವಜಾ- ವಿಧಾನ
ಪರಿಷತ್‌ನಲ್ಲಿ ಪ್ರತಿಧ್ವನಿ

ಬೆಂಗಳೂರು: ಸಹಕಾರ ಸಚಿವ ಕೆ.ಎನ್.ರಾಜಣ್ಣ ಅವರನ್ನು ಸಚಿವ ಸಂಪುಟದಿಂದ ವಜಾಗೊಳಿಸಿ ರುವ ವಿಷಯವು ವಿಧಾನ ಪರಿಷತ್‌ನಲ್ಲಿ ಪ್ರತಿಧ್ವನಿಸಿ ಸದನವನ್ನು ಕೆಲಕಾಲ ಮುಂದೂಡಿದ ಪ್ರಸಂಗ ಜರುಗಿತು.

ಕಲಾಪ ಆರಂಭವಾಗು ತ್ತಿದ್ದಂತೆ ಸಭಾಪತಿ ಬಸವರಾಜ ಹೊರಟ್ಟಿಯವರು ಪ್ರಶ್ನೋತ್ತರ ಕಲಾಪ ಆರಂಭಿಸಲು ಮುಂದಾದರು. ಆಗ ಪ್ರತಿಪಕ್ಷದ ನಾಯಕ ಛಲವಾದಿ ನಾರಾಯಣಸ್ವಾಮಿ ಅವರು ವಿಷಯ ಪ್ರಸ್ತಾಪಿಸಲು ಮುಂದಾದರು. ರಾಜ್ಯಪಾಲ ಥಾವರ್‌ಚಂದ್ ಗೆಹ್ಲೋಟ್ ಅವರ ವಿಶೇಷ ಕಾರ್ಯದರ್ಶಿ ಆರ್.ಪ್ರಭು ಶಂಕರ್ ಅವರು ಸರ್ಕಾರಕ್ಕೆ ಪತ್ರ ಬರೆದಿದ್ದು, ಸಹಕಾರ ಸಚಿವ ರಾಜಣ್ಣ ಅವರನ್ನು ಸಂಪುಟದಿಂದ ವಜಾ ಮಾಡಲಾಗಿದೆ ಎಂದು ತಿಳಿಸಿದ್ದಾರೆ. ಇದು ಚರ್ಚೆಯಾಗಬೇಕಾದ ವಿಷಯ ಎಂದು ಹೇಳಿದರು.ಛಲವಾದಿ ನಾರಾಯಣಸ್ವಾಮಿ ಮಾತಿಗೆ ದನಿಗೂಡಿಸಿದ ಬಿಜೆಪಿಯ ಸಚೇತಕ ಎನ್.ರವಿಕುಮಾರ್, ಸದಸ್ಯ ಸಿ.ಟಿ.ರವಿ ಮತ್ತಿತರರು ಇದು ಸಣ್ಣ ವಿಷಯವಲ್ಲ, ಇದೊಂದು ಗಂಭೀರವಾದ ಪ್ರಕರಣವಾಗಿರುವುದರಿಂದ ಚರ್ಚೆಗೆ ಅವಕಾಶ ನೀಡಬೇಕೆಂದು ಸಭಾಪತಿಗೆ ಮನವಿ ಮಾಡಿದರು.

ಇದಕ್ಕೆ ಆಕ್ಷೇಪ ವ್ಯಕ್ತಪಡಿಸಿದ ಸಭಾನಾಯಕ ಭೋಸರಾಜ್, ಮುಖ್ಯ ಸಚೇತಕ ಸಲೀಂ ಅಹಮದ್ ಮತ್ತಿತರರು ರಾಜ್ಯಪಾಲರ ವಿಶೇಷ ಕಾರ್ಯದರ್ಶಿ ಬರೆದಿರುವ ಪತ್ರವನ್ನು ಸದನದಲ್ಲಿ ಚರ್ಚೆ ಮಾಡಬೇಕು. ಇದು ಚರ್ಚೆಗಾಗುವ ವಿಷಯವೇ. ಮೊದಲು ಪ್ರಶ್ನೋತ್ತರ ಕಲಾಪವನ್ನು ಪ್ರಾರಂಭಿಸಿ ಎಂದು ತಿರುಗೇಟು ನೀಡಿದರು.ಆಗ ಪ್ರತಿಪಕ್ಷದ ಸದಸ್ಯ ಸಿ.ಟಿ.ರವಿ ಅವರು, ರಾಜಣ್ಣ ಅವರನ್ನು ಅತ್ಯಂತ ಅವಮಾನಕರ ರೀತಿಯಲ್ಲಿ ಸಂಪುಟದಿಂದ ವಜಾಗೊಳಿಸಲಾಗಿದೆ. ಇದಕ್ಕೆ ಕಾರಣಗಳೇನು? ಅವರ ಮೇಲೆ ಭ್ರಷ್ಟಾಚಾರವಿತ್ತೇ? ಅತ್ಯಾಚಾರಗೈದಿದ್ದರಾ? ಎಂದು ಪ್ರಶ್ನೆ ಮಾಡಿದರು.ಈ ವೇಳೆ ಛಲವಾದಿ ನಾರಾಯಣಸ್ವಾಮಿ ಅವರು, ರಾಜಣ್ಣ ರಾಜೀನಾಮೆ ಕೊಟ್ಟಿದ್ದರೆ ನಾವು ಪ್ರಶ್ನೆ ಮಾಡುತ್ತಿರಲಿಲ್ಲ. ಅದು ನಿಮ್ಮ ಪಕ್ಷ ಹಾಗೂ ಸರ್ಕಾರದ ಆಂತರಿಕ ವಿಚಾರ. ನಮಗೆ ಅದು ಬೇಕಾಗಿಯೂ ಇಲ್ಲ, ಇಲ್ಲಿ ಪ್ರಶ್ನೆ ಎಂದರೆ ಓರ್ವ ಸಚಿವರನ್ನು ಸಂಪುಟದಿಂದ ಯಾವ ಕಾರಣಕ್ಕಾಗಿ ವಜಾ ಮಾಡಲಾಗಿದೆ. ಇದರ ಬಗ್ಗೆ ಚರ್ಚೆಯಾಗಲೇಬೇಕೆಂದು ಪಟ್ಟು ಹಿಡಿದರು.ಇದಕ್ಕೆ ಎನ್.ರವಿಕುಮಾರ್ ಕೂಡ ದನಿಗೂಡಿಸಿ ರಾಜಣ್ಣ ಅವರನ್ನು ಸಂಪುಟದಿಂದ ವಜಾಗೊಳಿಸುವ ತಪ್ಪು ಏನು ಮಾಡಿದ್ದರು? ಇದು ಚರ್ಚೆಯಾಗಬೇಕಲ್ಲವೇ ಎಂದು ಹೇಳಿದರು.

ಈ ಹಂತದಲ್ಲಿ ಆಡಳಿತ ಮತ್ತು ಪ್ರತಿಪಕ್ಷಗಳ ನಡುವೆ ತುಸು ಮಾತಿನ ಚಕಮಕಿ ನಡೆಯಿತು. ಗದ್ದಲದ ನಡುವೆಯೇ ಸಭಾಪತಿಯವರು ಪ್ರಶ್ನೋತ್ತರ ಆರಂಭಿಸುತ್ತೇನೆ ಎಂದಾಗ ಸದನದಲ್ಲಿ ಮತ್ತೆ ಗದ್ದಲ ನಡೆದಿದ್ದರಿಂದ ಸದನವನ್ನು ಕೆಲ ಹೊತ್ತು ಮುಂದೂಡಿದರು.

ಖಾಸಗಿ ಲೇಔಟ್‌ಗಳಿಗೆ
ಸೌಲಭ್ಯ ಕೊಡಲ್ಲ

ಬೆಂಗಳೂರು: ಖಾಸಗಿಯವರು ನಿರ್ಮಾಣ ಮಾಡುವ ಲೇಔಟ್‌ಗಳಿಗೆ ವಿದ್ಯುತ್, ನೀರು ಸೇರಿದಂತೆ ಅಗತ್ಯ ಮೂಲಭೂತ ಸೌಕರ್ಯಗಳನ್ನು ಅವರೇ ಒದಗಿಸಿಕೊಡಬೇಕು. ಸರ್ಕಾರ ಅದನ್ನು ಮಾಡಿಕೊಡುವುದಿಲ್ಲ ಎಂದು ನಗರಾಭಿವೃದ್ಧಿ ಸಚಿವ ಬೈರತಿ ಸುರೇಶ್ ಪರಿಷತ್‌ನಲ್ಲಿ ಸ್ಪಷ್ಟಪಡಿಸಿದ್ದಾರೆ.

ಸದಸ್ಯ ಸತೀಶ್‌ಕುಮಾರ್ ಅವರ ಪ್ರಶ್ನೆಗೆ ಉತ್ತರಿಸಿದ ಅವರು, ಖಾಸಗಿಯವರು ನಿರ್ಮಾಣ ಮಾಡುವ ಲೇಔಟ್‌ಗಳಿಗೆ ಸರ್ಕಾರ ವಿದ್ಯುತ್, ನೀರು, ರಸ್ತೆ ಸೇರಿದಂತೆ ಮೂಲಭೂತ ಸೌಕರ್ಯಗಳನ್ನು ಅವರೇ ನಿರ್ಮಾಣ ಮಾಡಿಕೊಡಬೇಕು. ಇದನ್ನು ಸರ್ಕಾರ ಹೇಗೆ ಮಾಡಿಕೊಡಲು ಸಾಧ್ಯ ಎಂದು ಪ್ರಶ್ನೆ ಮಾಡಿದರು.

ಲೇಔಟ್ ನಿರ್ಮಾಣ ಮಾಡುವಾಗಲೇ ಸಂಬಂಧಪಟ್ಟ ಮಾಲೀಕರು ನಿರ್ಮಾಣ ಮಾಡಬೇಕೆಂಬ ನಿಯಮವಿರುತ್ತದೆ. ಸರ್ಕಾರದಿಂದ ನಿರ್ಮಾಣ ಮಾಡುವ ಲೇಔಟ್‌ಗಳಿಗೆ ನಾವು ಮೂಲಭೂತ ಸೌಕರ್ಯಗಳನ್ನು ಕಲ್ಪಿಸಿಕೊಡುತ್ತೇವೆ. ಖಾಸಗಿಯವರಿಗೂ ನಮಗೂ ಏನು ಸಂಬಂಧ ಎಂದು ಮರುಪ್ರಶ್ನಿಸಿದರು.

ಯಾವುದೇ ಲೇಔಟ್ ನಿರ್ಮಾಣ ಮಾಡುವಾಗ ಪೂರ್ಣ ಪ್ರಮಾಣದಲ್ಲಿ ಮಾಲೀಕರು ಬಳಸಲು ಬಿಡುವುದಿಲ್ಲ. ಪ್ರಾರಂಭದಲ್ಲಿ ಶೇ.40ರಷ್ಟು ಯೋಜನೆಗೆ ಅನುಮೋದನೆ ನೀಡಲಾಗುತ್ತದೆ. ನಂತರ ಹಂತ ಹಂತವಾಗಿ ಅಭಿವೃದ್ಧಿಪಡಿಸಿದ ಬಳಿಕ ಪೂರ್ಣ ಅನುಮೋದನೆ ನೀಡಲಾಗುವುದು ಎಂದರು.

ಕೆ.ಎನ್.ರಾಜಣ್ಣ ವಿರುದ್ಧ
ಪಿತೂರಿ: ಆರ್.ಅಶೋಕ್

ಬೆಂಗಳೂರು: ಸಚಿವ ಸ್ಥಾನದಿಂದ ರಾಜಣ್ಣ ಅವರನ್ನು ವಜಾಗೊಳಿಸಿರುವುದನ್ನು ಸಾರ್ವಜನಿಕರಿಗೆ ತಿಳಿಸಲು ಚರ್ಚಿಸಬೇಕಿದೆ, ಹಿಂದೆ ಅಧಿವೇಶನದಲ್ಲಿ ರಾಜಣ್ಣ ಹನಿಟ್ರ್ಯಾಪ್ ಸಿಡಿ ವಿಚಾರದಲ್ಲಿ ಹೋರಾಟ ಮಾಡಿದ್ದರು, ಈಗ ರಾಜಣ್ಣ ಪರ ಅವರದೇ ಪಕ್ಷದ ಕೆಲವರು ಪಿತೂರಿ ಮಾಡಿರುವುದು ಸ್ಪಷ್ಟವಾಗಿದೆ ಎಂದು ವಿಧಾನಸಭಾ ವಿರೋಧ ಪಕ್ಷದ ನಾಯಕ ಆರ್.ಅಶೋಕ್ ಹೇಳಿದ್ದಾರೆ.

ರಾಜಣ್ಣ ಅವರನ್ನು ವಜಾ ಮಾಡಿರುವುದು ಅವರಿಗೆ ಮಾಡಿದ ಅವಮಾನ. ಮೊದಲು ವಾಲ್ಮೀಕಿ ಸಮುದಾಯದ ನಾಗೇಂದ್ರ, ಈಗ ರಾಜಣ್ಣ, ಸರ್ಕಾರಕ್ಕೆ ವಾಲ್ಮೀಕಿ ಸಮುದಾಯವನ್ನು ನೋಡಿದರೆ ಆಗುವುದಿಲ್ಲ ಎನ್ನಿಸುತ್ತದೆ. ವಾಲ್ಮೀಕಿ ಸಮುದಾಯದ ವಿರುದ್ಧ ಸರ್ಕಾರ ಇದೆ ಎನ್ನುವುದು ಇಂತಹ ಬೆಳವಣಿಗೆ ಗಮನಿಸಿದರೆ ಸ್ಪಷ್ಟವಾಗುತ್ತದೆ ಎಂದಿದ್ದಾರೆ.

ಸತ್ಯ ಹೇಳಿದ್ದಕ್ಕೆ ರಾಹುಲ್ ಗಾಂಧಿಯಾಗಿ ರಾಹುಲ್ ಗಾಂಧಿ ರಾಜಣ್ಣ ಮೇಲೆ ಬಿದ್ದಿದ್ದಾರೆ. ಸತ್ಯ ಮತ್ತಾರು ಸಂಪುಟದಿಂದ ಬಗ್ಗೆ ಚರ್ಚಿಸಬೇಕಿದೆ ಎಂದಿದ್ದಾರೆ. ಆರ್ ಸಿಬಿ ಕಾಲ್ತುಳಿತ, ಬೆಳಗಾವಿ, ಧರ್ಮಸ್ಥಳ ಬಗ್ಗೆ ಅಪಪ್ರಚಾರ, ಧರ್ಮಸ್ಥಳದಲ್ಲಿ ಆಗಿತ ಆಗುತ್ತಲೇ ಇದೆ, ಆ ಭಾಗದ ಜನ ದೊಣ್ಣೆಹಿಡಿದು ತಿರುಗಿ ಬಿದ್ದಿದ್ದಾರೆ. ಜನಾರ್ದನ ಪೂಜಾರಿ ಕಣ್ಣೀರು ಹಾಕಿದ್ದಾರೆ. ಇದೀಗ ರಾಜ್ಯದಲ್ಲಿ ಅಪಪ್ರಚಾರ ಆಗುತ್ತಿದೆ. ಇದಕ್ಕೆಲ್ಲ ಒಂದೂ ಪದ ಸಿಕ್ಕಿಲ್ಲ. ಸದನದಲ್ಲಿ ಯಾವ ರೀತಿ ಚರ್ಚಿಸಬೇಕು ಎಂದು ಯೋಚಿಸುತ್ತೇವೆ ಎಂದು ತಿಳಿಸಿದ್ದಾರೆ.
